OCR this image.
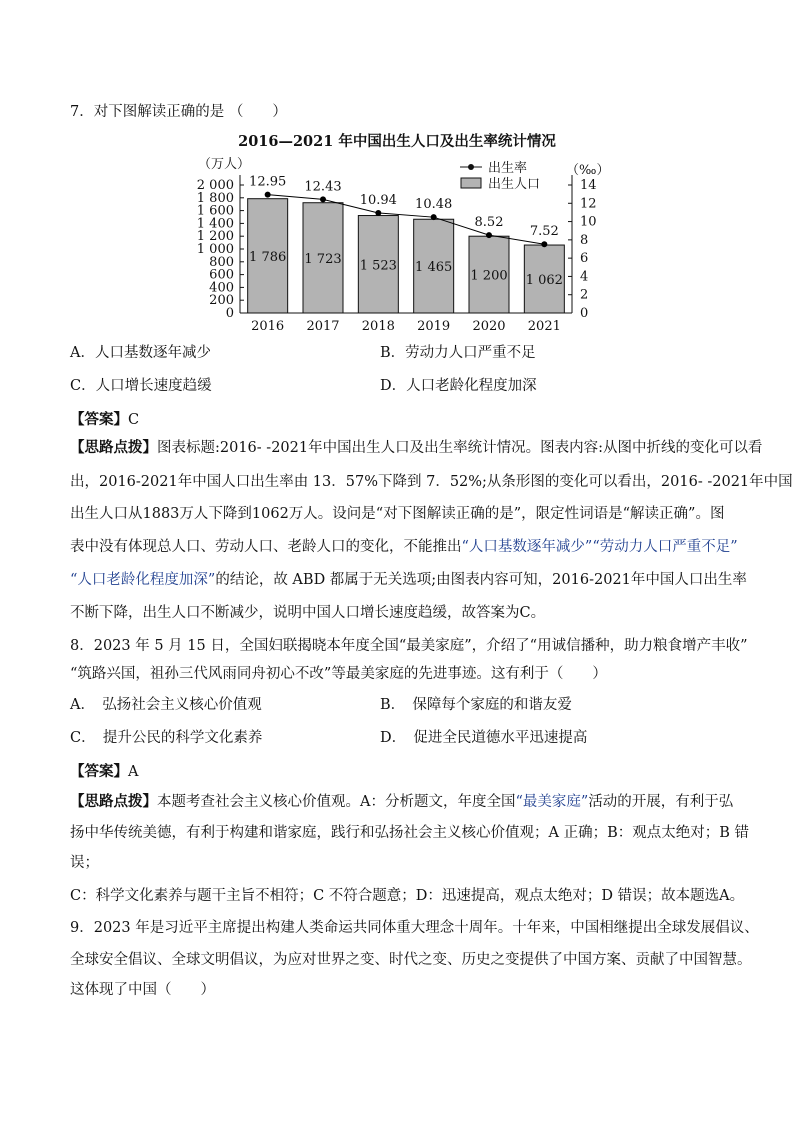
7．对下图解读正确的是 （　　）
2016—2021 年中国出生人口及出生率统计情况
（万人）	（‰）
0
200
400
600
800
1 000
1 200
1 400
1 600
1 800
2 000
0
2
4
6
8
10
12
14
1 786
2016
1 723
2017
1 523
2018
1 465
2019
1 200
2020
1 062
2021
12.95 12.43
10.94 10.48
8.52
7.52
出生率
出生人口
A．人口基数逐年减少	B．劳动力人口严重不足
C．人口增长速度趋缓	D．人口老龄化程度加深
【答案】C
【思路点拨】图表标题:2016- -2021年中国出生人口及出生率统计情况。图表内容:从图中折线的变化可以看
出，2016-2021年中国人口出生率由 13．57%下降到 7．52%;从条形图的变化可以看出，2016- -2021年中国
出生人口从1883万人下降到1062万人。设问是“对下图解读正确的是”，限定性词语是“解读正确”。图
表中没有体现总人口、劳动人口、老龄人口的变化，不能推出“人口基数逐年减少”“劳动力人口严重不足”
“人口老龄化程度加深”的结论，故 ABD 都属于无关选项;由图表内容可知，2016-2021年中国人口出生率
不断下降，出生人口不断减少，说明中国人口增长速度趋缓，故答案为C。
8．2023 年 5 月 15 日，全国妇联揭晓本年度全国“最美家庭”，介绍了“用诚信播种，助力粮食增产丰收”
“筑路兴国，祖孙三代风雨同舟初心不改”等最美家庭的先进事迹。这有利于（　　）
A．　弘扬社会主义核心价值观	B．　保障每个家庭的和谐友爱
C．　提升公民的科学文化素养	D．　促进全民道德水平迅速提高
【答案】A
【思路点拨】本题考查社会主义核心价值观。A：分析题文，年度全国“最美家庭”活动的开展，有利于弘
扬中华传统美德，有利于构建和谐家庭，践行和弘扬社会主义核心价值观；A 正确；B：观点太绝对；B 错
误；
C：科学文化素养与题干主旨不相符；C 不符合题意；D：迅速提高，观点太绝对；D 错误；故本题选A。
9．2023 年是习近平主席提出构建人类命运共同体重大理念十周年。十年来，中国相继提出全球发展倡议、
全球安全倡议、全球文明倡议，为应对世界之变、时代之变、历史之变提供了中国方案、贡献了中国智慧。
这体现了中国（　　）
